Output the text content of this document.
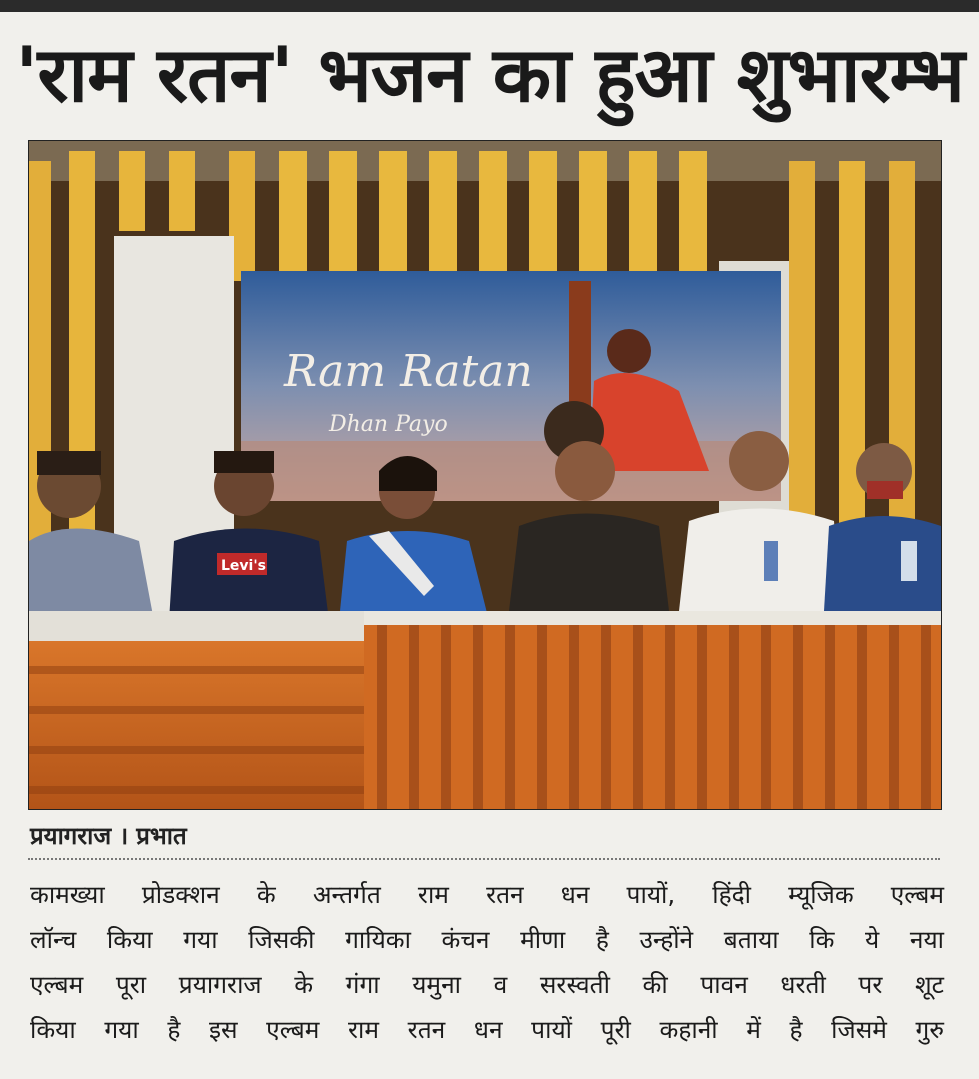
'राम रतन' भजन का हुआ शुभारम्भ
Ram Ratan
Dhan Payo
Levi's
प्रयागराज । प्रभात
कामख्या प्रोडक्शन के अन्तर्गत राम रतन धन पायों, हिंदी म्यूजिक एल्बम
लॉन्च किया गया जिसकी गायिका कंचन मीणा है उन्होंने बताया कि ये नया
एल्बम पूरा प्रयागराज के गंगा यमुना व सरस्वती की पावन धरती पर शूट
किया गया है इस एल्बम राम रतन धन पायों पूरी कहानी में है जिसमे गुरु
